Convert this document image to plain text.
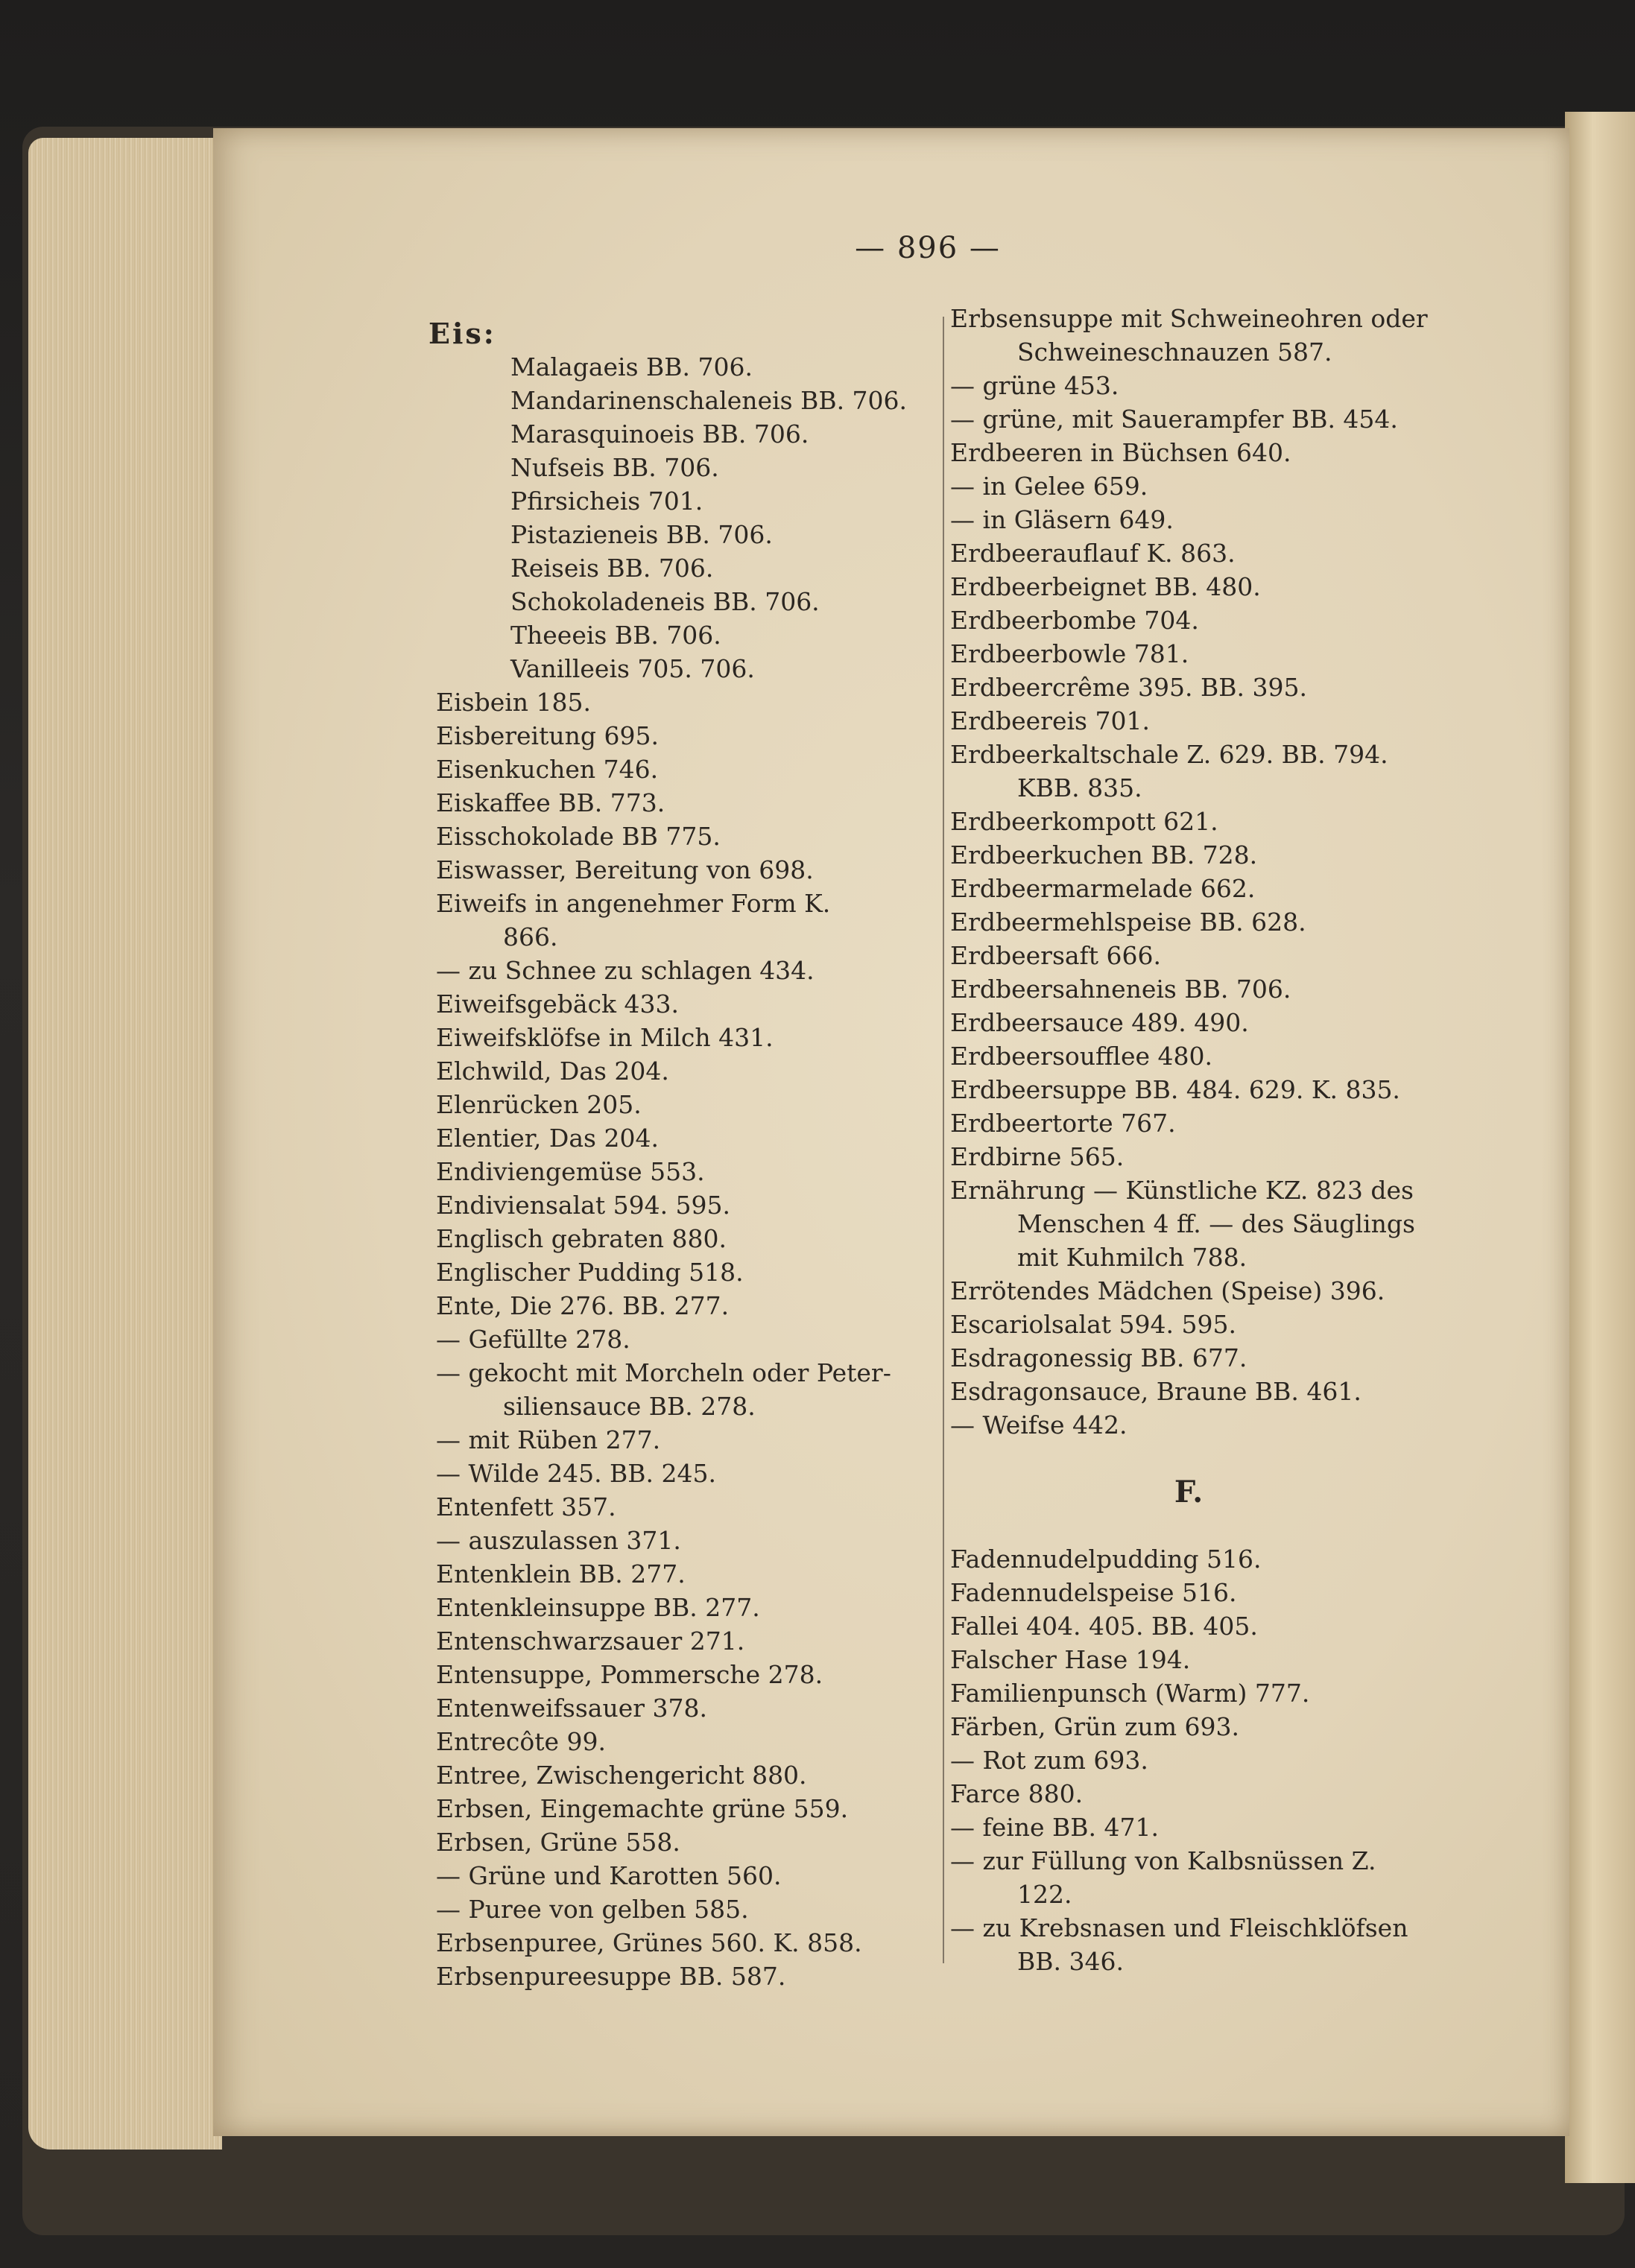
— 896 —
Eis:
Malagaeis BB. 706.
Mandarinenschaleneis BB. 706.
Marasquinoeis BB. 706.
Nufseis BB. 706.
Pfirsicheis 701.
Pistazieneis BB. 706.
Reiseis BB. 706.
Schokoladeneis BB. 706.
Theeeis BB. 706.
Vanilleeis 705. 706.
Eisbein 185.
Eisbereitung 695.
Eisenkuchen 746.
Eiskaffee BB. 773.
Eisschokolade BB 775.
Eiswasser, Bereitung von 698.
Eiweifs in angenehmer Form K.
866.
— zu Schnee zu schlagen 434.
Eiweifsgebäck 433.
Eiweifsklöfse in Milch 431.
Elchwild, Das 204.
Elenrücken 205.
Elentier, Das 204.
Endiviengemüse 553.
Endiviensalat 594. 595.
Englisch gebraten 880.
Englischer Pudding 518.
Ente, Die 276. BB. 277.
— Gefüllte 278.
— gekocht mit Morcheln oder Peter-
siliensauce BB. 278.
— mit Rüben 277.
— Wilde 245. BB. 245.
Entenfett 357.
— auszulassen 371.
Entenklein BB. 277.
Entenkleinsuppe BB. 277.
Entenschwarzsauer 271.
Entensuppe, Pommersche 278.
Entenweifssauer 378.
Entrecôte 99.
Entree, Zwischengericht 880.
Erbsen, Eingemachte grüne 559.
Erbsen, Grüne 558.
— Grüne und Karotten 560.
— Puree von gelben 585.
Erbsenpuree, Grünes 560. K. 858.
Erbsenpureesuppe BB. 587.
Erbsensuppe mit Schweineohren oder
Schweineschnauzen 587.
— grüne 453.
— grüne, mit Sauerampfer BB. 454.
Erdbeeren in Büchsen 640.
— in Gelee 659.
— in Gläsern 649.
Erdbeerauflauf K. 863.
Erdbeerbeignet BB. 480.
Erdbeerbombe 704.
Erdbeerbowle 781.
Erdbeercrême 395. BB. 395.
Erdbeereis 701.
Erdbeerkaltschale Z. 629. BB. 794.
KBB. 835.
Erdbeerkompott 621.
Erdbeerkuchen BB. 728.
Erdbeermarmelade 662.
Erdbeermehlspeise BB. 628.
Erdbeersaft 666.
Erdbeersahneneis BB. 706.
Erdbeersauce 489. 490.
Erdbeersoufflee 480.
Erdbeersuppe BB. 484. 629. K. 835.
Erdbeertorte 767.
Erdbirne 565.
Ernährung — Künstliche KZ. 823 des
Menschen 4 ff. — des Säuglings
mit Kuhmilch 788.
Errötendes Mädchen (Speise) 396.
Escariolsalat 594. 595.
Esdragonessig BB. 677.
Esdragonsauce, Braune BB. 461.
— Weifse 442.
F.
Fadennudelpudding 516.
Fadennudelspeise 516.
Fallei 404. 405. BB. 405.
Falscher Hase 194.
Familienpunsch (Warm) 777.
Färben, Grün zum 693.
— Rot zum 693.
Farce 880.
— feine BB. 471.
— zur Füllung von Kalbsnüssen Z.
122.
— zu Krebsnasen und Fleischklöfsen
BB. 346.
